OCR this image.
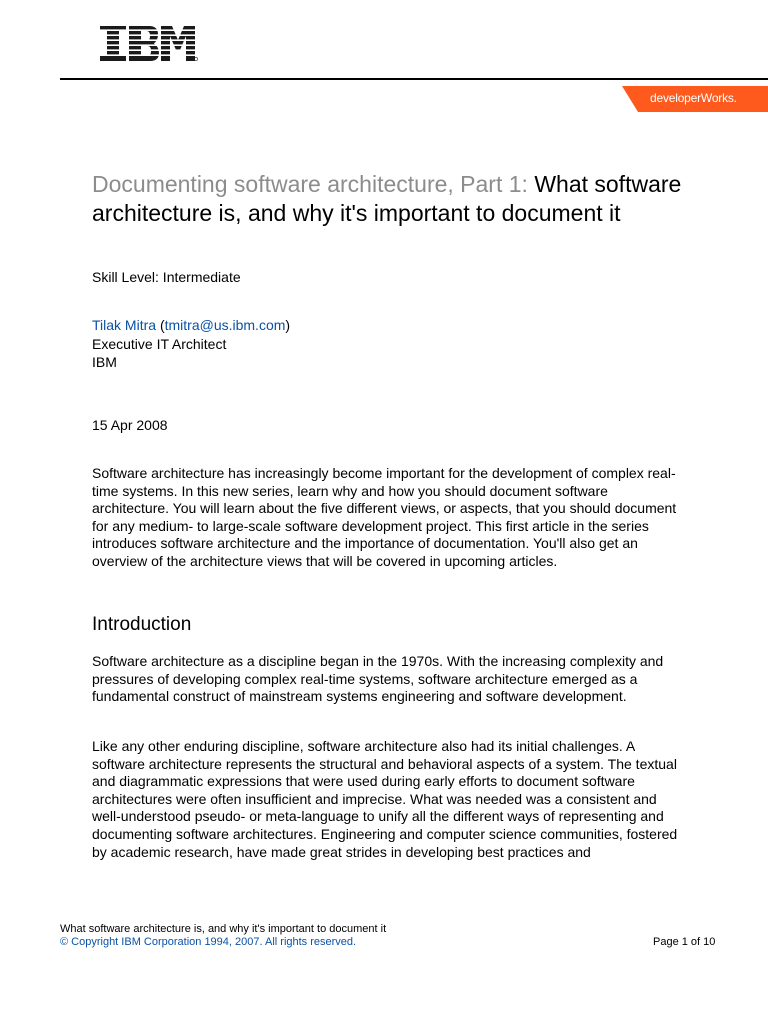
developerWorks.
Documenting software architecture, Part 1: What software architecture is, and why it's important to document it
Skill Level: Intermediate
Tilak Mitra (tmitra@us.ibm.com)
Executive IT Architect
IBM
15 Apr 2008

Software architecture has increasingly become important for the development of complex real-time systems. In this new series, learn why and how you should document software architecture. You will learn about the five different views, or aspects, that you should document for any medium- to large-scale software development project. This first article in the series introduces software architecture and the importance of documentation. You'll also get an overview of the architecture views that will be covered in upcoming articles.

Introduction

Software architecture as a discipline began in the 1970s. With the increasing complexity and pressures of developing complex real-time systems, software architecture emerged as a fundamental construct of mainstream systems engineering and software development.

Like any other enduring discipline, software architecture also had its initial challenges. A software architecture represents the structural and behavioral aspects of a system. The textual and diagrammatic expressions that were used during early efforts to document software architectures were often insufficient and imprecise. What was needed was a consistent and well-understood pseudo- or meta-language to unify all the different ways of representing and documenting software architectures. Engineering and computer science communities, fostered by academic research, have made great strides in developing best practices and

What software architecture is, and why it's important to document it
© Copyright IBM Corporation 1994, 2007. All rights reserved.	Page 1 of 10
